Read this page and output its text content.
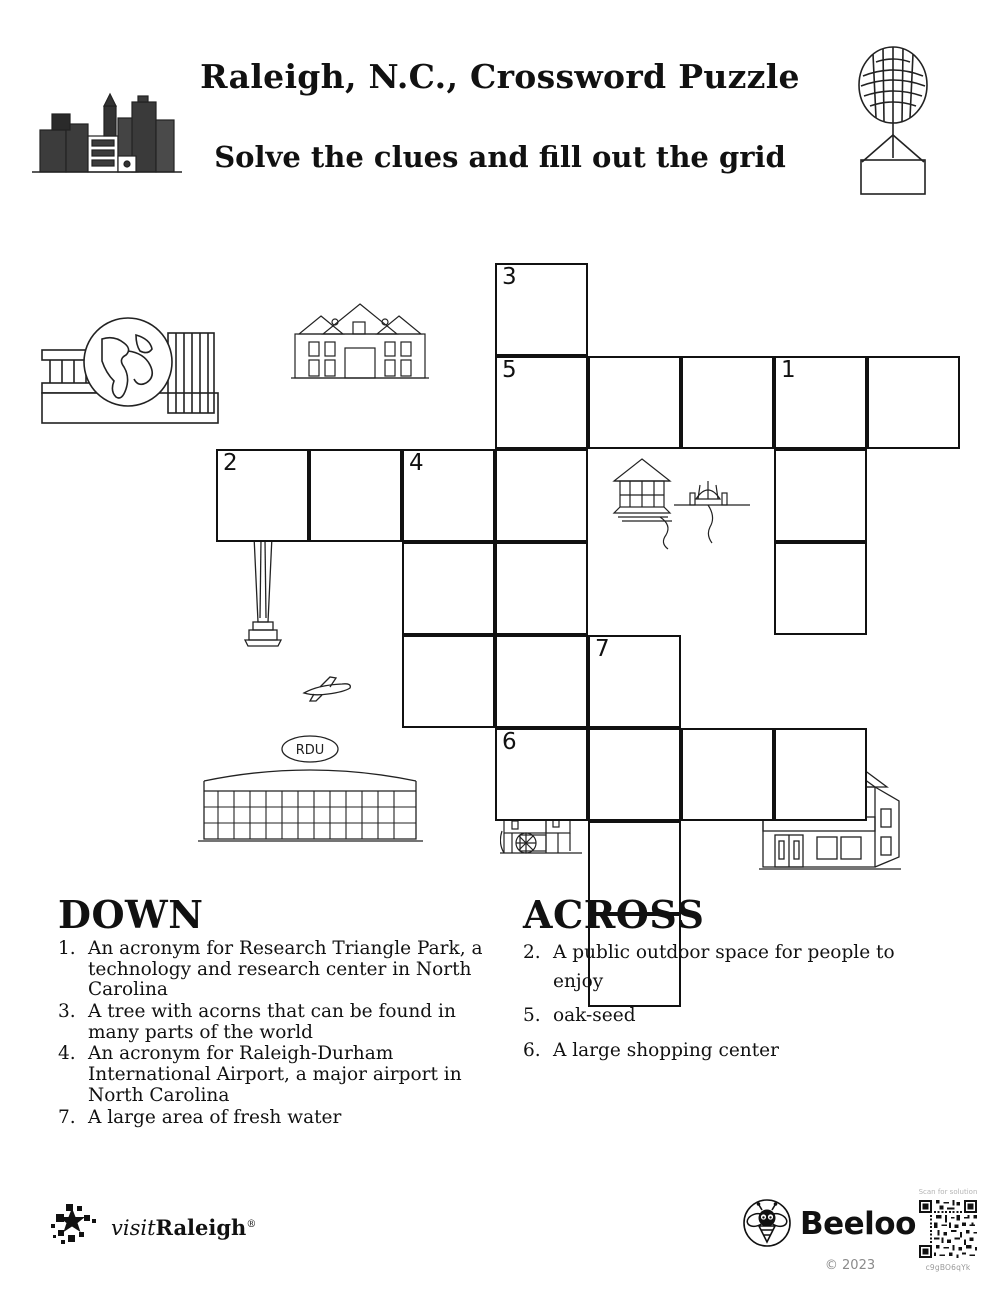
Raleigh, N.C., Crossword Puzzle
Solve the clues and fill out the grid
RDU
3
5	1
2	4
7
6
DOWN
1. An acronym for Research Triangle Park, a technology and research center in North Carolina
3. A tree with acorns that can be found in many parts of the world
4. An acronym for Raleigh-Durham International Airport, a major airport in North Carolina
7. A large area of fresh water
ACROSS
2. A public outdoor space for people to enjoy
5. oak-seed
6. A large shopping center
visitRaleigh®	Beeloo
© 2023
Scan for solution
c9gBO6qYk
